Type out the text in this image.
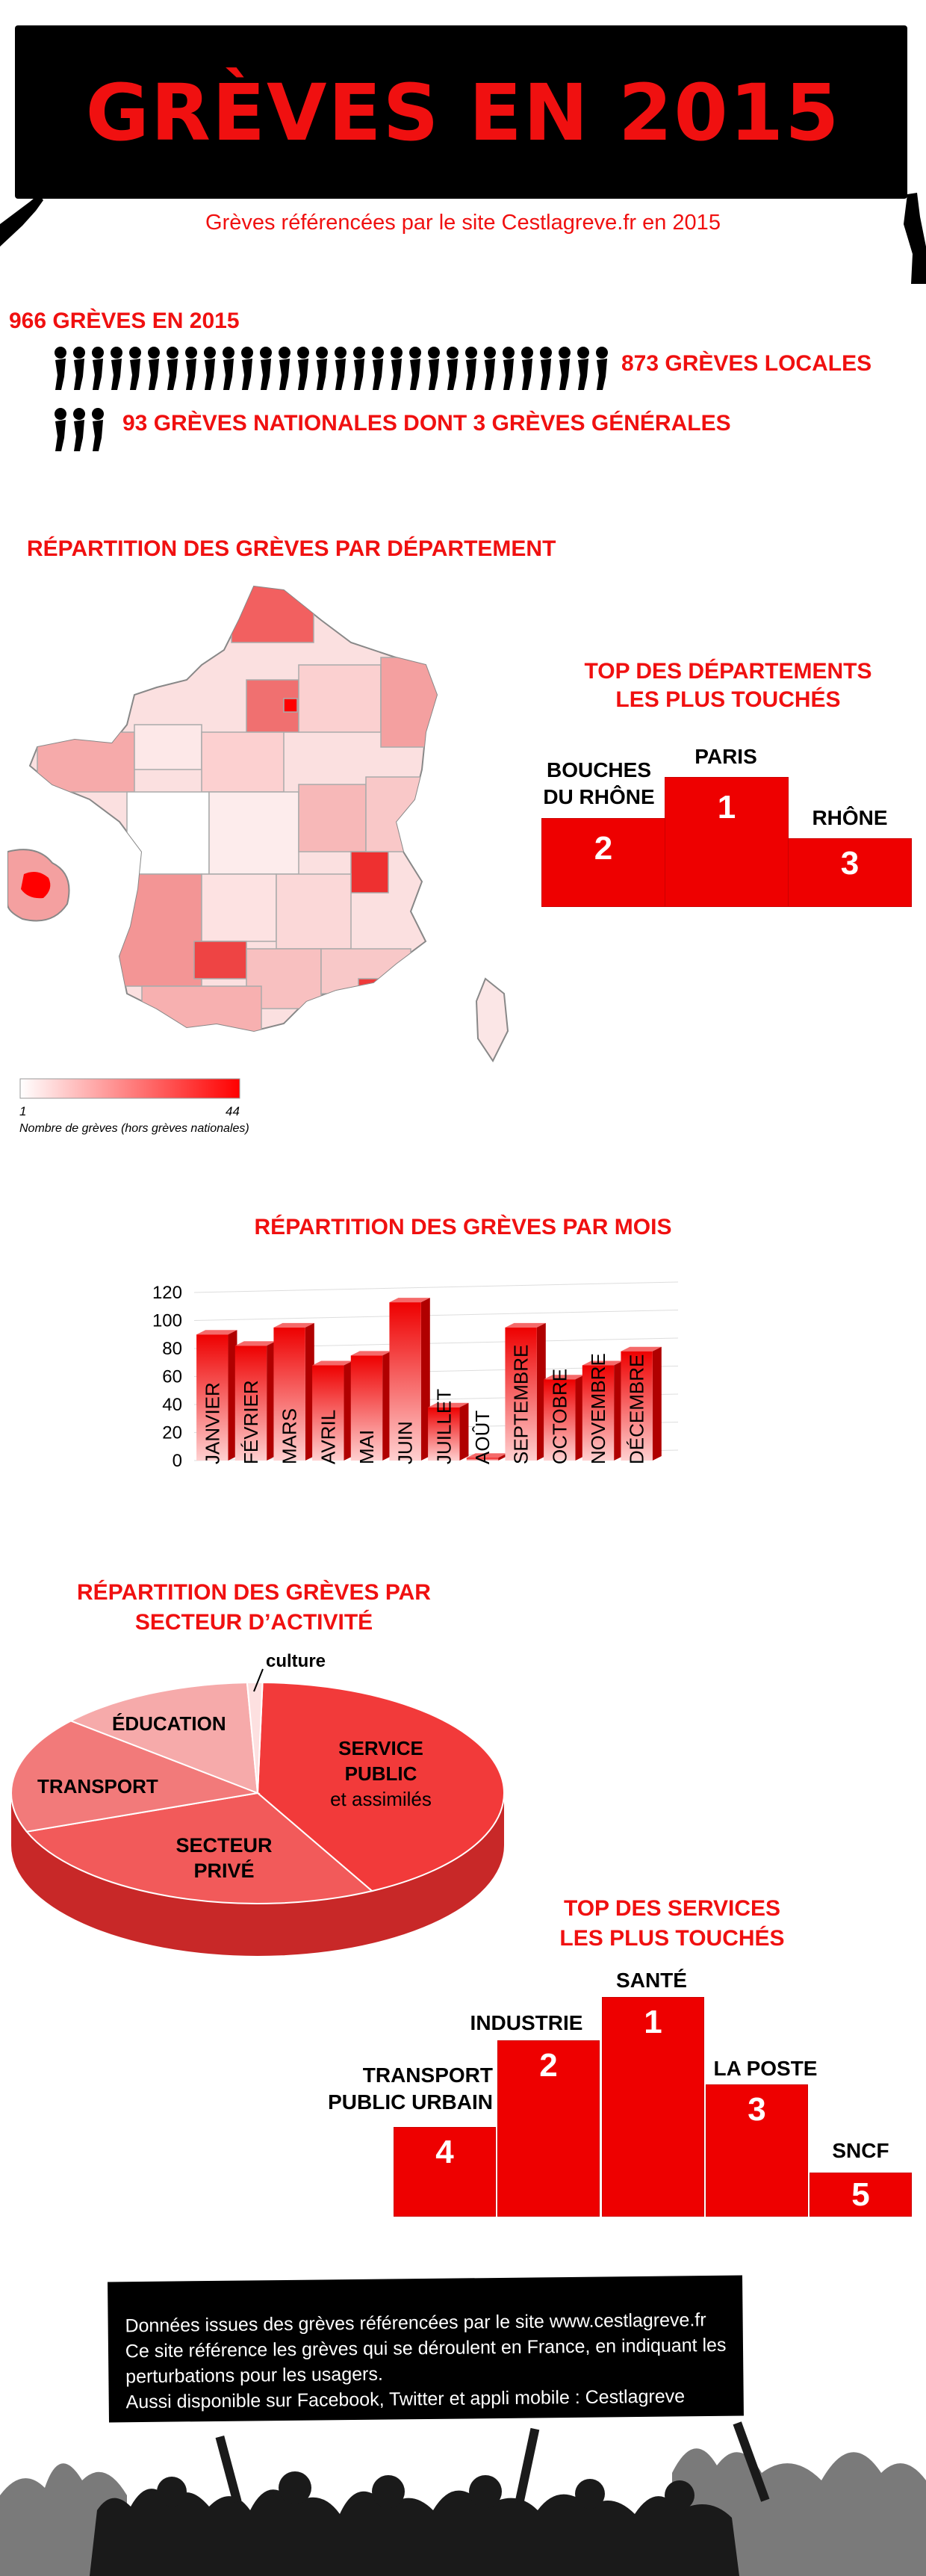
GRÈVES EN 2015
Grèves référencées par le site Cestlagreve.fr en 2015
966 GRÈVES EN 2015
873 GRÈVES LOCALES
93 GRÈVES NATIONALES DONT 3 GRÈVES GÉNÉRALES
RÉPARTITION DES GRÈVES PAR DÉPARTEMENT
1	44
Nombre de grèves (hors grèves nationales)
TOP DES DÉPARTEMENTS
LES PLUS TOUCHÉS
BOUCHES
DU RHÔNE
PARIS
RHÔNE
2
1
3
RÉPARTITION DES GRÈVES PAR MOIS
0
20
40
60
80
100
120
JANVIER FÉVRIER MARS AVRIL MAI JUIN JUILLET AOÛT SEPTEMBRE OCTOBRE NOVEMBRE DÉCEMBRE
RÉPARTITION DES GRÈVES PAR
SECTEUR D’ACTIVITÉ
culture
ÉDUCATION
TRANSPORT
SERVICE
PUBLIC
et assimilés
SECTEUR
PRIVÉ
TOP DES SERVICES
LES PLUS TOUCHÉS
TRANSPORT
PUBLIC URBAIN
INDUSTRIE
SANTÉ
LA POSTE
SNCF
4
2
1
3
5
Données issues des grèves référencées par le site www.cestlagreve.fr
Ce site référence les grèves qui se déroulent en France, en indiquant les
perturbations pour les usagers.
Aussi disponible sur Facebook, Twitter et appli mobile : Cestlagreve
